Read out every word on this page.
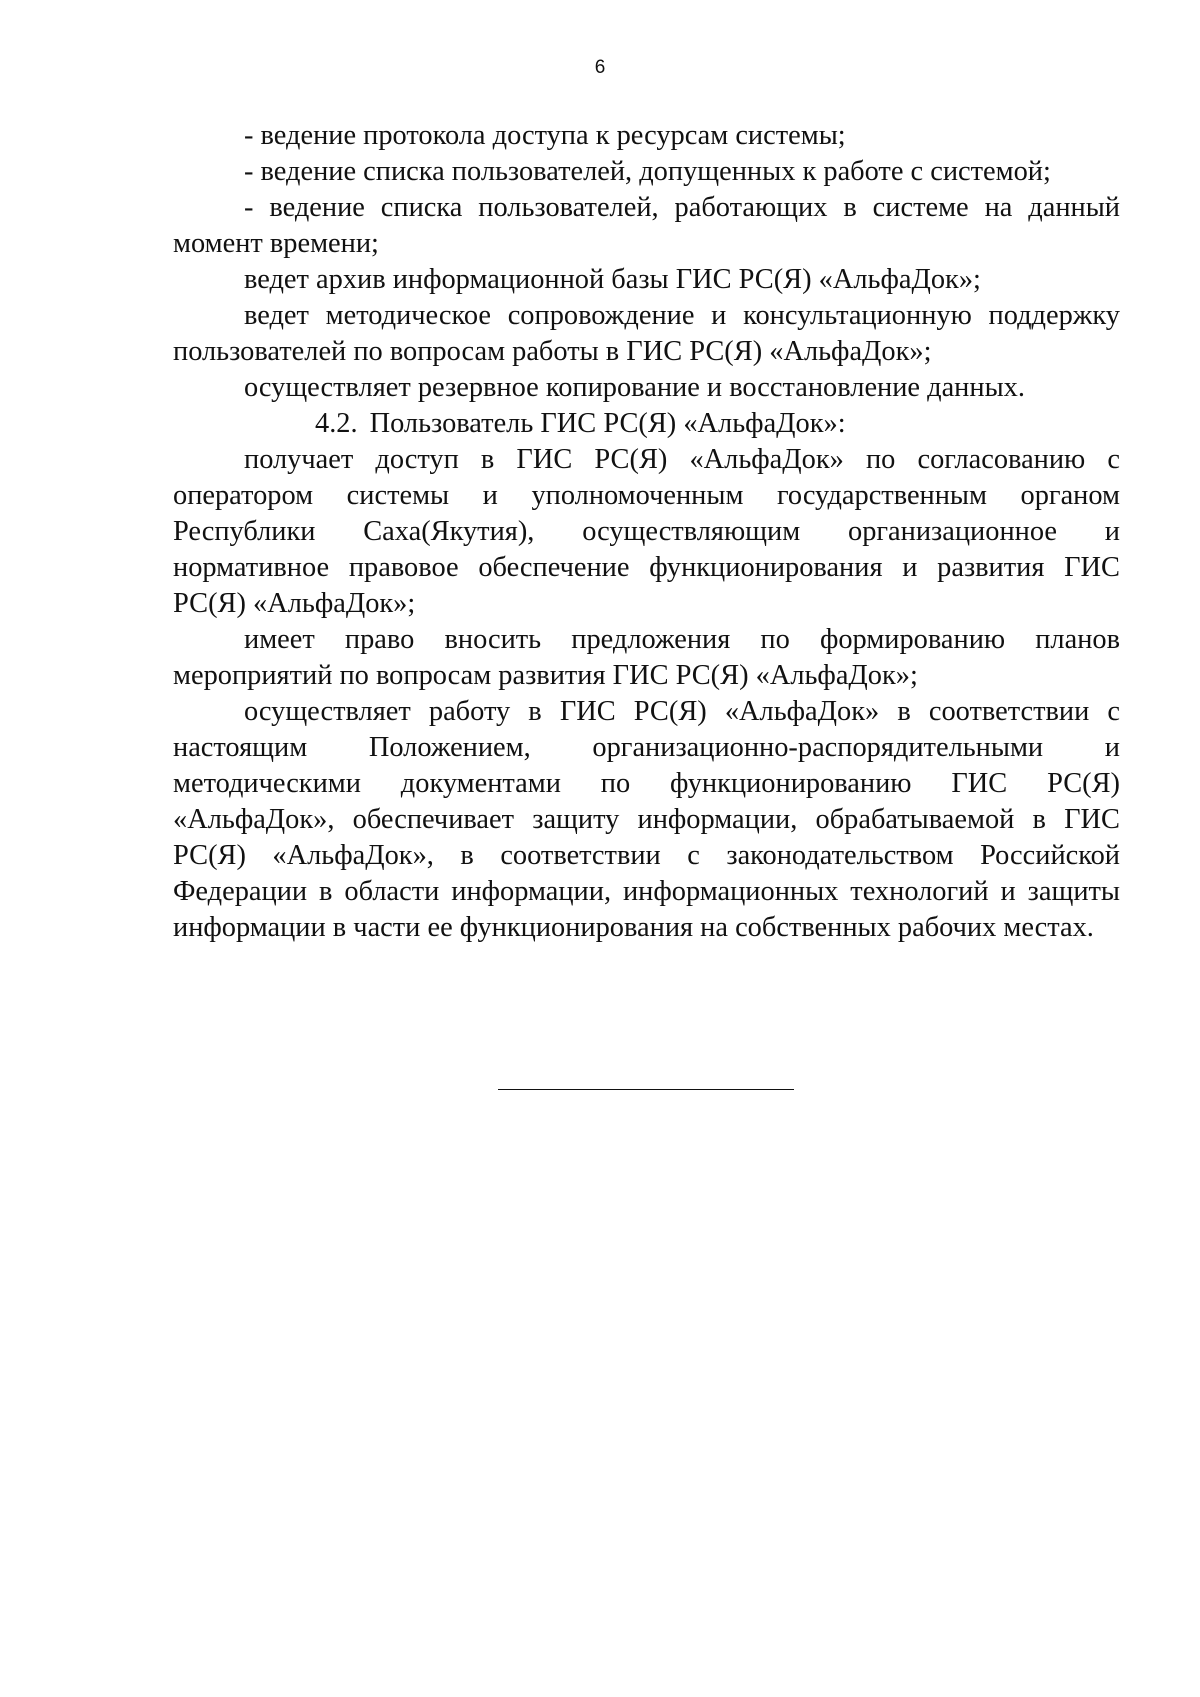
6

- ведение протокола доступа к ресурсам системы;

- ведение списка пользователей, допущенных к работе с системой;

- ведение списка пользователей, работающих в системе на данный момент времени;

ведет архив информационной базы ГИС РС(Я) «АльфаДок»;

ведет методическое сопровождение и консультационную поддержку пользователей по вопросам работы в ГИС РС(Я) «АльфаДок»;

осуществляет резервное копирование и восстановление данных.

4.2. Пользователь ГИС РС(Я) «АльфаДок»:

получает доступ в ГИС РС(Я) «АльфаДок» по согласованию с оператором системы и уполномоченным государственным органом Республики Саха(Якутия), осуществляющим организационное и нормативное правовое обеспечение функционирования и развития ГИС РС(Я) «АльфаДок»;

имеет право вносить предложения по формированию планов мероприятий по вопросам развития ГИС РС(Я) «АльфаДок»;

осуществляет работу в ГИС РС(Я) «АльфаДок» в соответствии с настоящим Положением, организационно-распорядительными и методическими документами по функционированию ГИС РС(Я) «АльфаДок», обеспечивает защиту информации, обрабатываемой в ГИС РС(Я) «АльфаДок», в соответствии с законодательством Российской Федерации в области информации, информационных технологий и защиты информации в части ее функционирования на собственных рабочих местах.
